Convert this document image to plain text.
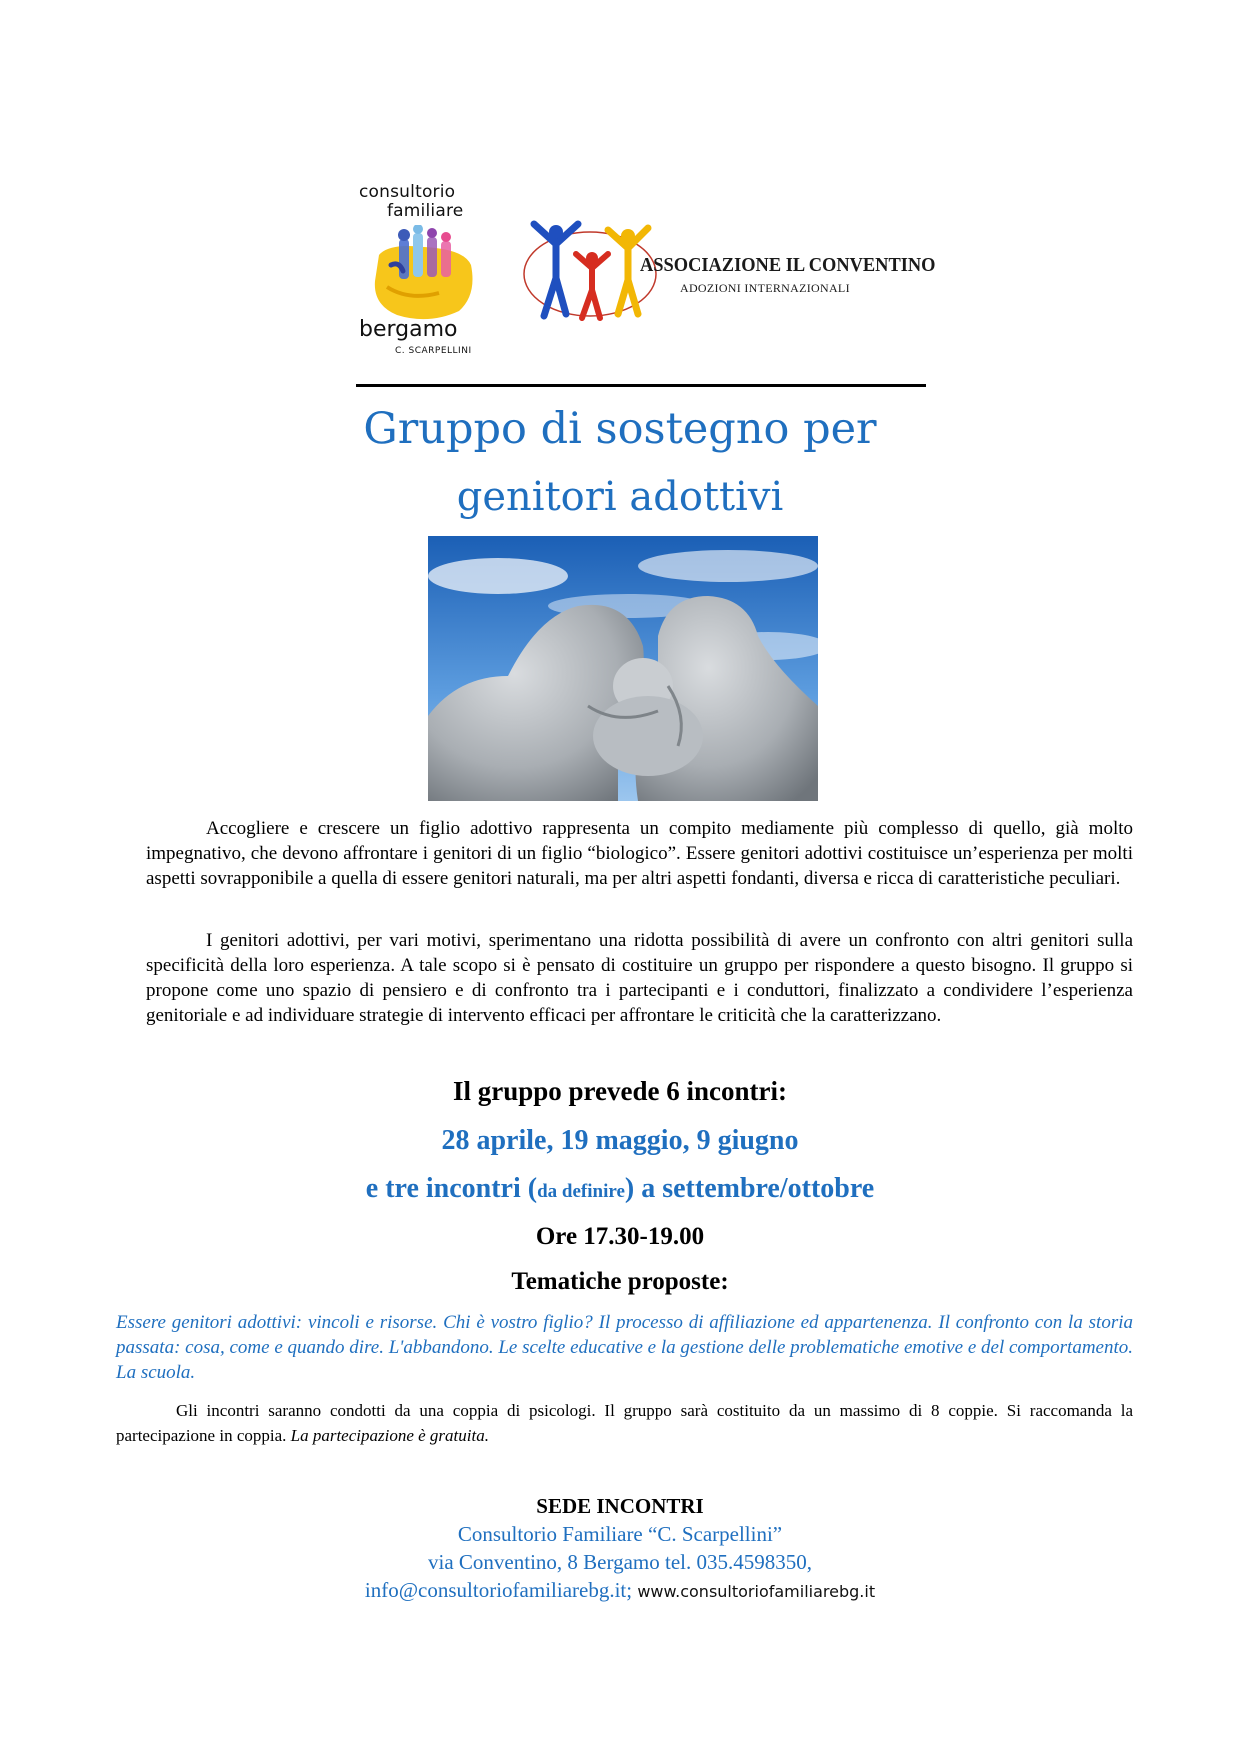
consultorio
familiare
bergamo
C. SCARPELLINI
ASSOCIAZIONE IL CONVENTINO
ADOZIONI INTERNAZIONALI
Gruppo di sostegno per
genitori adottivi

Accogliere e crescere un figlio adottivo rappresenta un compito mediamente più complesso di quello, già molto impegnativo, che devono affrontare i genitori di un figlio “biologico”. Essere genitori adottivi costituisce un’esperienza per molti aspetti sovrapponibile a quella di essere genitori naturali, ma per altri aspetti fondanti, diversa e ricca di caratteristiche peculiari.

I genitori adottivi, per vari motivi, sperimentano una ridotta possibilità di avere un confronto con altri genitori sulla specificità della loro esperienza. A tale scopo si è pensato di costituire un gruppo per rispondere a questo bisogno. Il gruppo si propone come uno spazio di pensiero e di confronto tra i partecipanti e i conduttori, finalizzato a condividere l’esperienza genitoriale e ad individuare strategie di intervento efficaci per affrontare le criticità che la caratterizzano.

Il gruppo prevede 6 incontri:

28 aprile, 19 maggio, 9 giugno

e tre incontri (da definire) a settembre/ottobre

Ore 17.30-19.00

Tematiche proposte:

Essere genitori adottivi: vincoli e risorse. Chi è vostro figlio? Il processo di affiliazione ed appartenenza. Il confronto con la storia passata: cosa, come e quando dire. L'abbandono. Le scelte educative e la gestione delle problematiche emotive e del comportamento. La scuola.

Gli incontri saranno condotti da una coppia di psicologi. Il gruppo sarà costituito da un massimo di 8 coppie. Si raccomanda la partecipazione in coppia. La partecipazione è gratuita.

SEDE INCONTRI

Consultorio Familiare “C. Scarpellini”

via Conventino, 8 Bergamo tel. 035.4598350,

info@consultoriofamiliarebg.it; www.consultoriofamiliarebg.it
